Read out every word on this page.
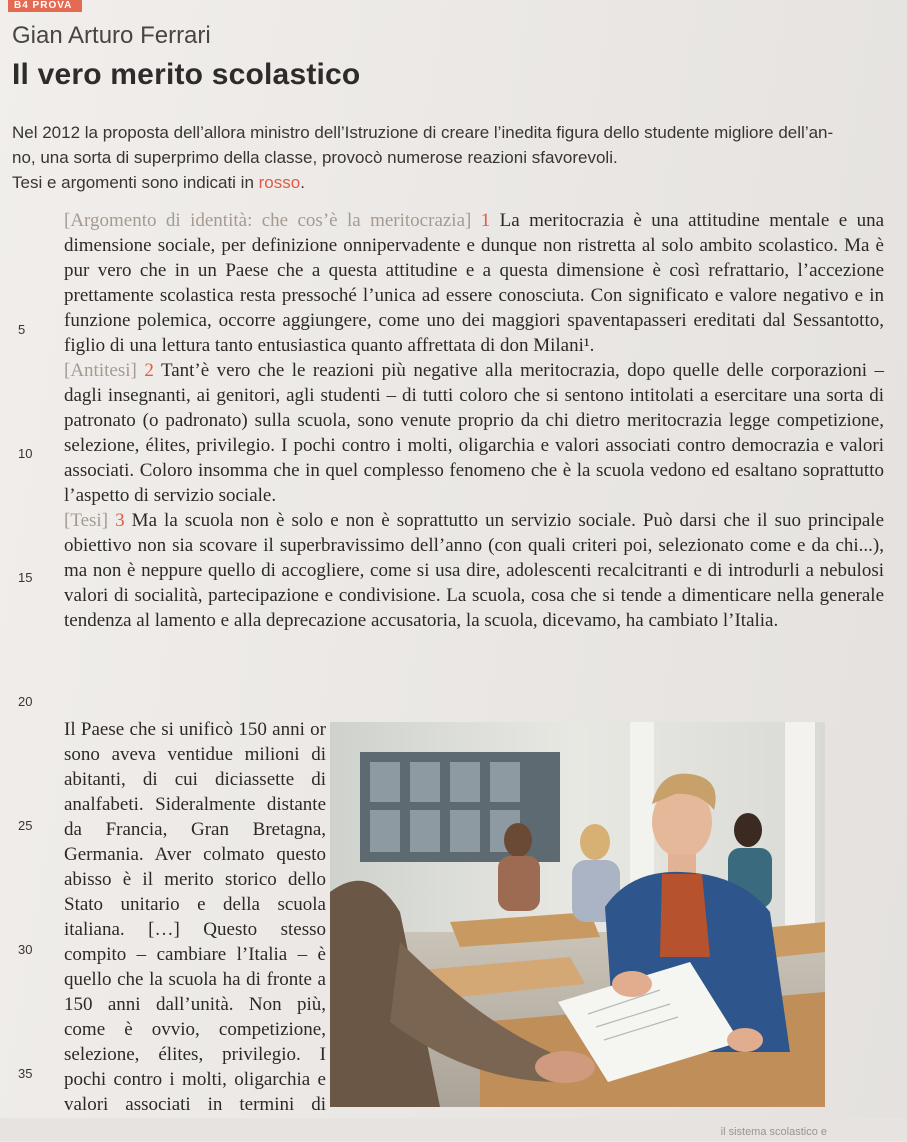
B4 PROVA
Gian Arturo Ferrari
Il vero merito scolastico

Nel 2012 la proposta dell’allora ministro dell’Istruzione di creare l’inedita figura dello studente migliore dell’an-

no, una sorta di superprimo della classe, provocò numerose reazioni sfavorevoli.

Tesi e argomenti sono indicati in rosso.

[Argomento di identità: che cos’è la meritocrazia] 1 La meritocrazia è una attitudine mentale e una dimensione sociale, per definizione onnipervadente e dunque non ristretta al solo ambito scolastico. Ma è pur vero che in un Paese che a questa attitudine e a questa dimensione è così refrattario, l’accezione prettamente scolastica resta pressoché l’unica ad essere conosciuta. Con significato e valore negativo e in funzione polemica, occorre aggiungere, come uno dei maggiori spaventapasseri ereditati dal Sessantotto, figlio di una lettura tanto entusiastica quanto affrettata di don Milani¹.

[Antitesi] 2 Tant’è vero che le reazioni più negative alla meritocrazia, dopo quelle delle corporazioni – dagli insegnanti, ai genitori, agli studenti – di tutti coloro che si sentono intitolati a esercitare una sorta di patronato (o padronato) sulla scuola, sono venute proprio da chi dietro meritocrazia legge competizione, selezione, élites, privilegio. I pochi contro i molti, oligarchia e valori associati contro democrazia e valori associati. Coloro insomma che in quel complesso fenomeno che è la scuola vedono ed esaltano soprattutto l’aspetto di servizio sociale.

[Tesi] 3 Ma la scuola non è solo e non è soprattutto un servizio sociale. Può darsi che il suo principale obiettivo non sia scovare il superbravissimo dell’anno (con quali criteri poi, selezionato come e da chi...), ma non è neppure quello di accogliere, come si usa dire, adolescenti recalcitranti e di introdurli a nebulosi valori di socialità, partecipazione e condivisione. La scuola, cosa che si tende a dimenticare nella generale tendenza al lamento e alla deprecazione accusatoria, la scuola, dicevamo, ha cambiato l’Italia.

Il Paese che si unificò 150 anni or sono aveva ventidue milioni di abitanti, di cui diciassette di analfabeti. Sideralmente distante da Francia, Gran Bretagna, Germania. Aver colmato questo abisso è il merito storico dello Stato unitario e della scuola italiana. […] Questo stesso compito – cambiare l’Italia – è quello che la scuola ha di fronte a 150 anni dall’unità. Non più, come è ovvio, competizione, selezione, élites, privilegio. I pochi contro i molti, oligarchia e valori associati in termini di
5
10
15
20
25
30
35
il sistema scolastico e
